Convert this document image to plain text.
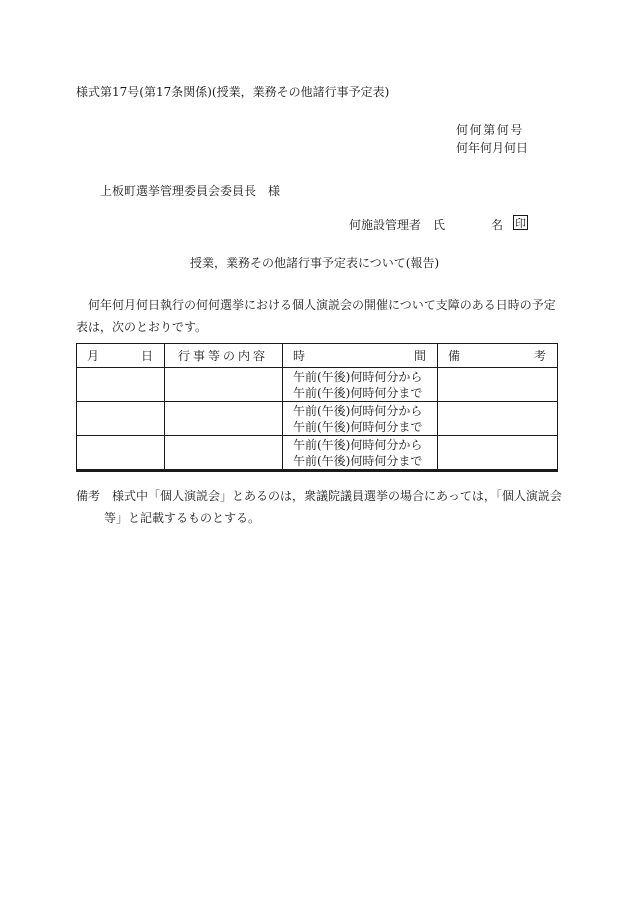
様式第17号(第17条関係)(授業，業務その他諸行事予定表)
何何第何号
何年何月何日
上板町選挙管理委員会委員長　様
何施設管理者　氏	名 印
授業，業務その他諸行事予定表について(報告)
何年何月何日執行の何何選挙における個人演説会の開催について支障のある日時の予定表は，次のとおりです。
月 日	行事等の内容	時 間	備 考

		午前(午後)何時何分から
午前(午後)何時何分まで	

		午前(午後)何時何分から
午前(午後)何時何分まで	

		午前(午後)何時何分から
午前(午後)何時何分まで	

備考　様式中「個人演説会」とあるのは，衆議院議員選挙の場合にあっては，「個人演説会
等」と記載するものとする。
